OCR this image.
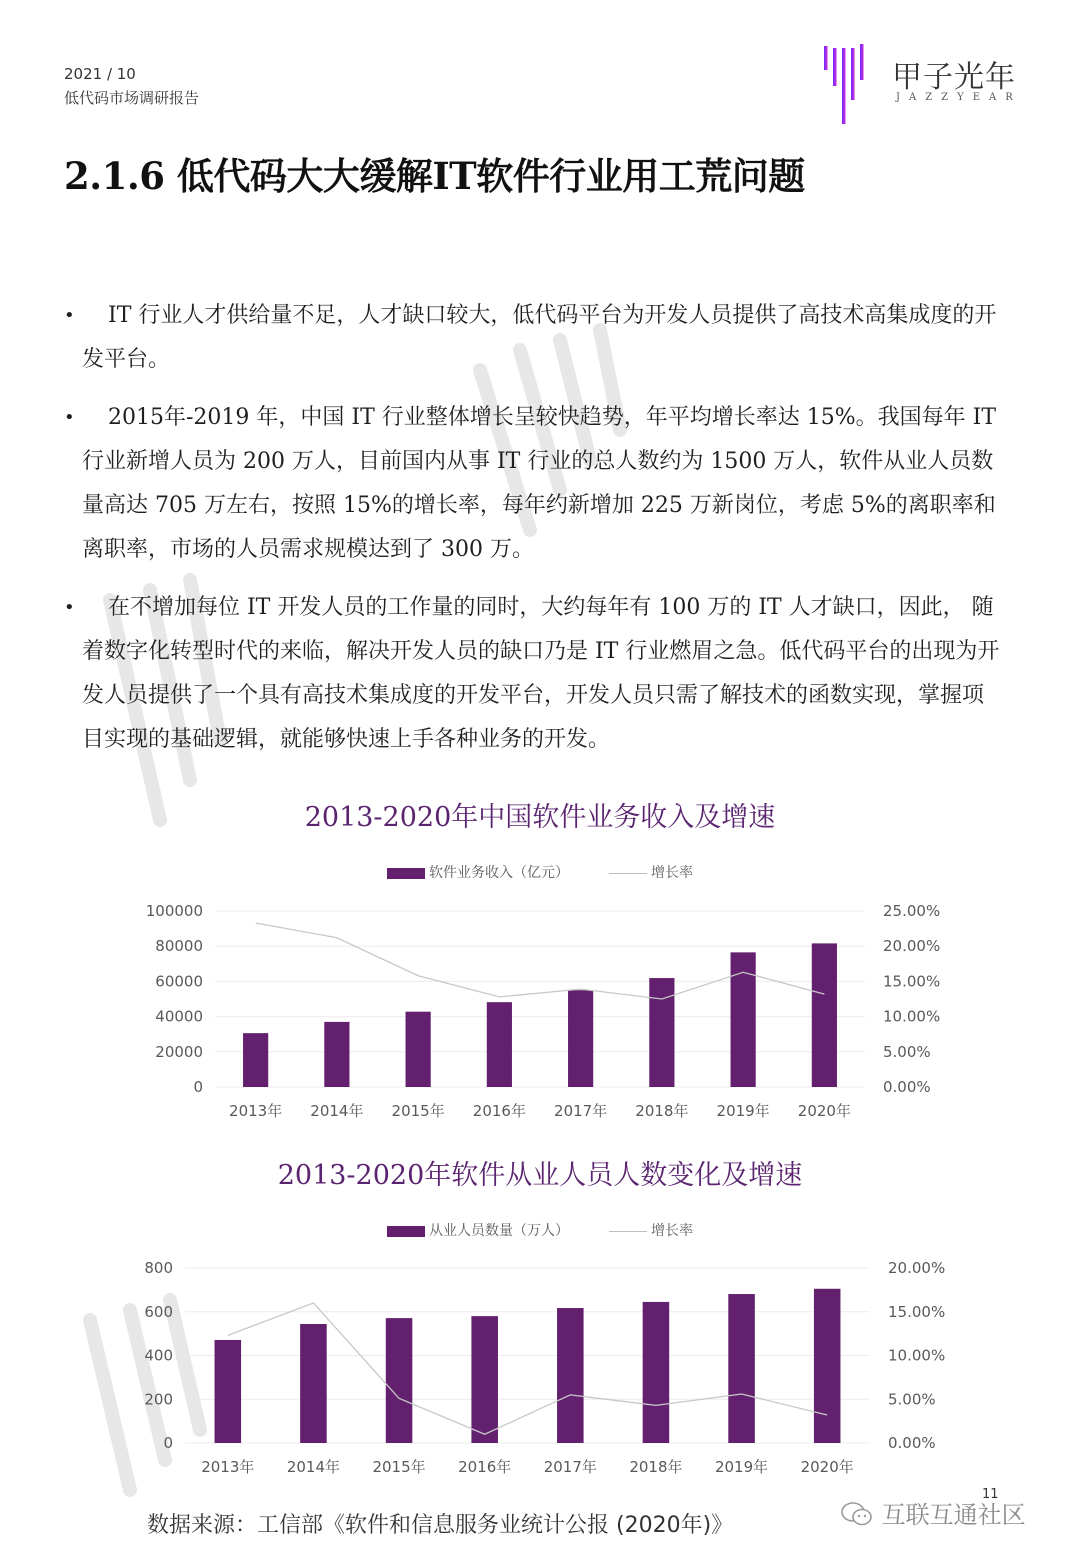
2021 / 10
低代码市场调研报告
甲子光年
JAZZYEAR
2.1.6 低代码大大缓解IT软件行业用工荒问题
•	IT 行业人才供给量不足，人才缺口较大，低代码平台为开发人员提供了高技术高集成度的开发平台。
•	2015年-2019 年，中国 IT 行业整体增长呈较快趋势，年平均增长率达 15%。我国每年 IT 行业新增人员为 200 万人，目前国内从事 IT 行业的总人数约为 1500 万人，软件从业人员数量高达 705 万左右，按照 15%的增长率，每年约新增加 225 万新岗位，考虑 5%的离职率和离职率，市场的人员需求规模达到了 300 万。
•	在不增加每位 IT 开发人员的工作量的同时，大约每年有 100 万的 IT 人才缺口，因此， 随着数字化转型时代的来临，解决开发人员的缺口乃是 IT 行业燃眉之急。低代码平台的出现为开发人员提供了一个具有高技术集成度的开发平台，开发人员只需了解技术的函数实现，掌握项目实现的基础逻辑，就能够快速上手各种业务的开发。
2013-2020年中国软件业务收入及增速
软件业务收入（亿元）	增长率
0
20000
40000
60000
80000
100000
0.00%
5.00%
10.00%
15.00%
20.00%
25.00%
2013年 2014年 2015年 2016年 2017年 2018年 2019年 2020年
2013-2020年软件从业人员人数变化及增速
从业人员数量（万人）	增长率
0
200
400
600
800
0.00%
5.00%
10.00%
15.00%
20.00%
2013年 2014年 2015年 2016年 2017年 2018年 2019年 2020年
数据来源：工信部《软件和信息服务业统计公报 (2020年)》
11
互联互通社区
